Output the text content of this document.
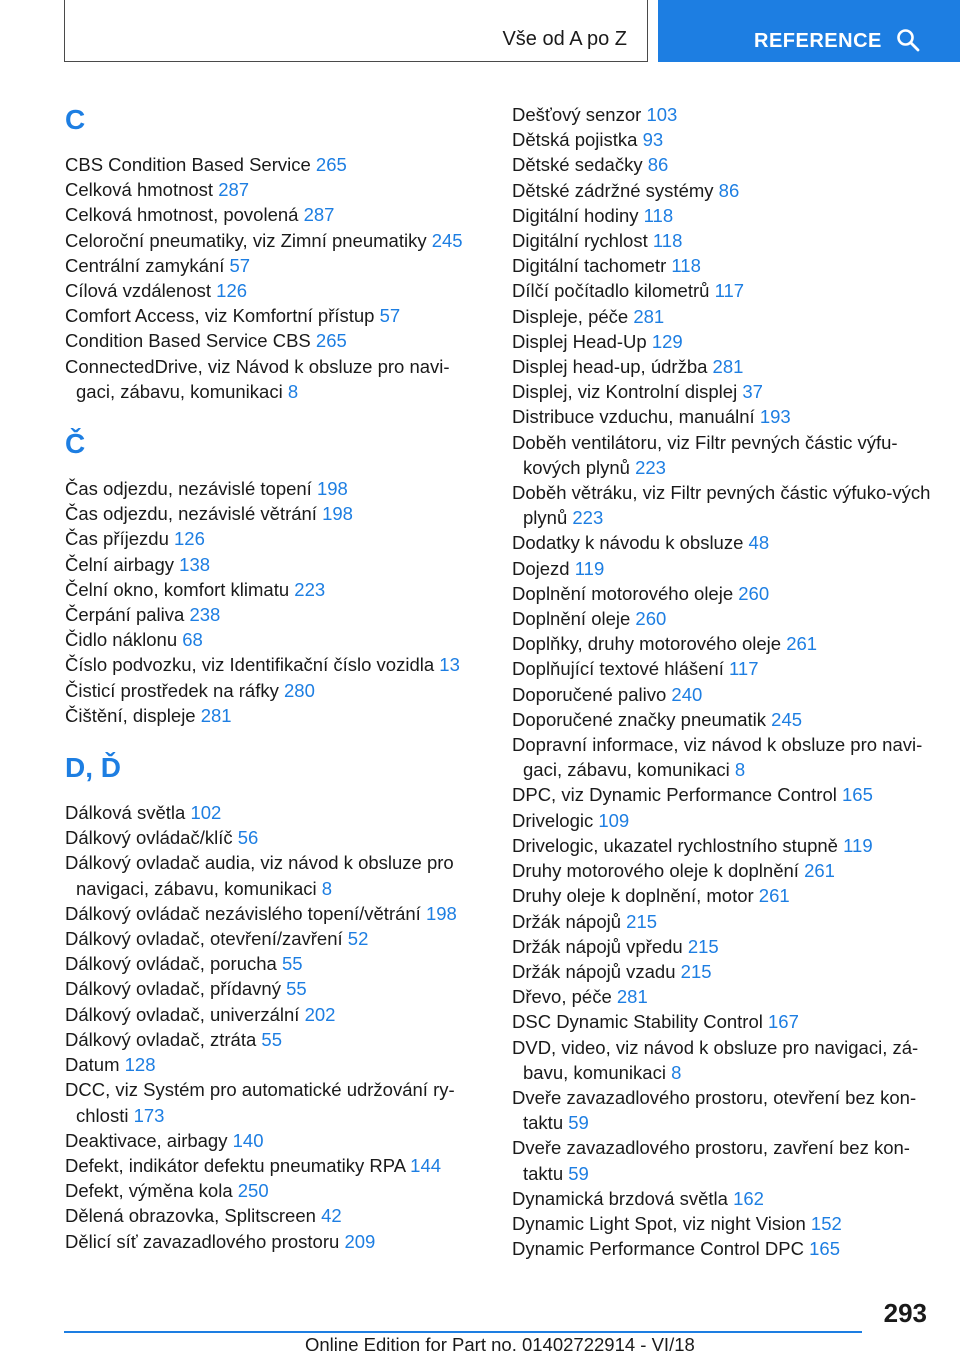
Vše od A po Z	REFERENCE
C
CBS Condition Based Service 265
Celková hmotnost 287
Celková hmotnost, povolená 287
Celoroční pneumatiky, viz Zimní pneumatiky 245
Centrální zamykání 57
Cílová vzdálenost 126
Comfort Access, viz Komfortní přístup 57
Condition Based Service CBS 265
ConnectedDrive, viz Návod k obsluze pro navi‐gaci, zábavu, komunikaci 8
Č
Čas odjezdu, nezávislé topení 198
Čas odjezdu, nezávislé větrání 198
Čas příjezdu 126
Čelní airbagy 138
Čelní okno, komfort klimatu 223
Čerpání paliva 238
Čidlo náklonu 68
Číslo podvozku, viz Identifikační číslo vozidla 13
Čisticí prostředek na ráfky 280
Čištění, displeje 281
D, Ď
Dálková světla 102
Dálkový ovládač/klíč 56
Dálkový ovladač audia, viz návod k obsluze pro navigaci, zábavu, komunikaci 8
Dálkový ovládač nezávislého topení/větrání 198
Dálkový ovladač, otevření/zavření 52
Dálkový ovládač, porucha 55
Dálkový ovladač, přídavný 55
Dálkový ovladač, univerzální 202
Dálkový ovladač, ztráta 55
Datum 128
DCC, viz Systém pro automatické udržování ry‐chlosti 173
Deaktivace, airbagy 140
Defekt, indikátor defektu pneumatiky RPA 144
Defekt, výměna kola 250
Dělená obrazovka, Splitscreen 42
Dělicí síť zavazadlového prostoru 209
Dešťový senzor 103
Dětská pojistka 93
Dětské sedačky 86
Dětské zádržné systémy 86
Digitální hodiny 118
Digitální rychlost 118
Digitální tachometr 118
Dílčí počítadlo kilometrů 117
Displeje, péče 281
Displej Head-Up 129
Displej head-up, údržba 281
Displej, viz Kontrolní displej 37
Distribuce vzduchu, manuální 193
Doběh ventilátoru, viz Filtr pevných částic výfu‐kových plynů 223
Doběh větráku, viz Filtr pevných částic výfuko‐vých plynů 223
Dodatky k návodu k obsluze 48
Dojezd 119
Doplnění motorového oleje 260
Doplnění oleje 260
Doplňky, druhy motorového oleje 261
Doplňující textové hlášení 117
Doporučené palivo 240
Doporučené značky pneumatik 245
Dopravní informace, viz návod k obsluze pro navi‐gaci, zábavu, komunikaci 8
DPC, viz Dynamic Performance Control 165
Drivelogic 109
Drivelogic, ukazatel rychlostního stupně 119
Druhy motorového oleje k doplnění 261
Druhy oleje k doplnění, motor 261
Držák nápojů 215
Držák nápojů vpředu 215
Držák nápojů vzadu 215
Dřevo, péče 281
DSC Dynamic Stability Control 167
DVD, video, viz návod k obsluze pro navigaci, zá‐bavu, komunikaci 8
Dveře zavazadlového prostoru, otevření bez kon‐taktu 59
Dveře zavazadlového prostoru, zavření bez kon‐taktu 59
Dynamická brzdová světla 162
Dynamic Light Spot, viz night Vision 152
Dynamic Performance Control DPC 165
293
Online Edition for Part no. 01402722914 - VI/18
